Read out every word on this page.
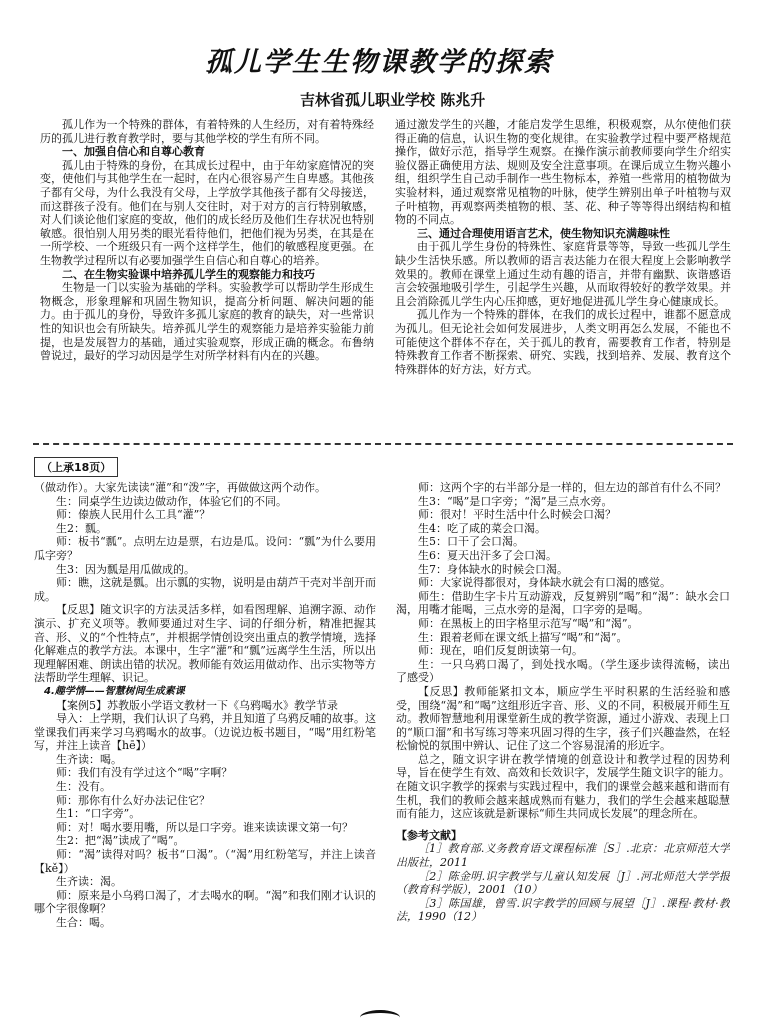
孤儿学生生物课教学的探索
吉林省孤儿职业学校 陈兆升

孤儿作为一个特殊的群体，有着特殊的人生经历，对有着特殊经历的孤儿进行教育教学时，要与其他学校的学生有所不同。

一、加强自信心和自尊心教育

孤儿由于特殊的身份，在其成长过程中，由于年幼家庭情况的突变，使他们与其他学生在一起时，在内心很容易产生自卑感。其他孩子都有父母，为什么我没有父母，上学放学其他孩子都有父母接送，而这群孩子没有。他们在与别人交往时，对于对方的言行特别敏感，对人们谈论他们家庭的变故，他们的成长经历及他们生存状况也特别敏感。很怕别人用另类的眼光看待他们，把他们视为另类，在其是在一所学校、一个班级只有一两个这样学生，他们的敏感程度更强。在生物教学过程所以有必要加强学生自信心和自尊心的培养。

二、在生物实验课中培养孤儿学生的观察能力和技巧

生物是一门以实验为基础的学科。实验教学可以帮助学生形成生物概念，形象理解和巩固生物知识，提高分析问题、解决问题的能力。由于孤儿的身份，导致许多孤儿家庭的教育的缺失，对一些常识性的知识也会有所缺失。培养孤儿学生的观察能力是培养实验能力前提，也是发展智力的基础，通过实验观察，形成正确的概念。布鲁纳曾说过，最好的学习动因是学生对所学材料有内在的兴趣。

通过激发学生的兴趣，才能启发学生思维，积极观察，从尔使他们获得正确的信息，认识生物的变化规律。在实验教学过程中要严格规范操作，做好示范，指导学生观察。在操作演示前教师要向学生介绍实验仪器正确使用方法、规则及安全注意事项。在课后成立生物兴趣小组，组织学生自己动手制作一些生物标本，养殖一些常用的植物做为实验材料，通过观察常见植物的叶脉，使学生辨别出单子叶植物与双子叶植物，再观察两类植物的根、茎、花、种子等等得出纲结构和植物的不同点。

三、通过合理使用语言艺术，使生物知识充满趣味性

由于孤儿学生身份的特殊性、家庭背景等等，导致一些孤儿学生缺少生活快乐感。所以教师的语言表达能力在很大程度上会影响教学效果的。教师在课堂上通过生动有趣的语言，并带有幽默、诙谐感语言会较强地吸引学生，引起学生兴趣，从而取得较好的教学效果。并且会消除孤儿学生内心压抑感，更好地促进孤儿学生身心健康成长。

孤儿作为一个特殊的群体，在我们的成长过程中，谁都不愿意成为孤儿。但无论社会如何发展进步，人类文明再怎么发展，不能也不可能使这个群体不存在，关于孤儿的教育，需要教育工作者，特别是特殊教育工作者不断探索、研究、实践，找到培养、发展、教育这个特殊群体的好方法，好方式。

（上承18页）

（做动作）。大家先读读“灌”和“泼”字，再做做这两个动作。

生：同桌学生边读边做动作，体验它们的不同。

师：傣族人民用什么工具“灌”？

生2：瓢。

师：板书“瓢”。点明左边是票，右边是瓜。设问：“瓢”为什么要用瓜字旁？

生3：因为瓢是用瓜做成的。

师：瞧，这就是瓢。出示瓢的实物，说明是由葫芦干壳对半剖开而成。

【反思】随文识字的方法灵活多样，如看图理解、追溯字源、动作演示、扩充义项等。教师要通过对生字、词的仔细分析，精准把握其音、形、义的“个性特点”，并根据学情创设突出重点的教学情境，选择化解难点的教学方法。本课中，生字“灌”和“瓢”远离学生生活，所以出现理解困难、朗读出错的状况。教师能有效运用做动作、出示实物等方法帮助学生理解、识记。

4.趣学情——智慧树间生成素课

【案例5】苏教版小学语文教材一下《乌鸦喝水》教学节录

导入：上学期，我们认识了乌鸦，并且知道了乌鸦反哺的故事。这堂课我们再来学习乌鸦喝水的故事。（边说边板书题目，“喝”用红粉笔写，并注上读音【hē】）

生齐读：喝。

师：我们有没有学过这个“喝”字啊？

生：没有。

师：那你有什么好办法记住它？

生1：“口字旁”。

师：对！喝水要用嘴，所以是口字旁。谁来读读课文第一句？

生2：把“渴”读成了“喝”。

师：“渴”读得对吗？板书“口渴”。（“渴”用红粉笔写，并注上读音【kě】）

生齐读：渴。

师：原来是小乌鸦口渴了，才去喝水的啊。“渴”和我们刚才认识的哪个字很像啊？

生合：喝。

师：这两个字的右半部分是一样的，但左边的部首有什么不同？

生3：“喝”是口字旁；“渴”是三点水旁。

师：很对！平时生活中什么时候会口渴？

生4：吃了咸的菜会口渴。

生5：口干了会口渴。

生6：夏天出汗多了会口渴。

生7：身体缺水的时候会口渴。

师：大家说得都很对，身体缺水就会有口渴的感觉。

师生：借助生字卡片互动游戏，反复辨别“喝”和“渴”：缺水会口渴，用嘴才能喝，三点水旁的是渴，口字旁的是喝。

师：在黑板上的田字格里示范写“喝”和“渴”。

生：跟着老师在课文纸上描写“喝”和“渴”。

师：现在，咱们反复朗读第一句。

生：一只乌鸦口渴了，到处找水喝。（学生逐步读得流畅，读出了感受）

【反思】教师能紧扣文本，顺应学生平时积累的生活经验和感受，围绕“渴”和“喝”这组形近字音、形、义的不同，积极展开师生互动。教师智慧地利用课堂新生成的教学资源，通过小游戏、表现上口的“顺口溜”和书写练习等来巩固习得的生字，孩子们兴趣盎然，在轻松愉悦的氛围中辨认、记住了这二个容易混淆的形近字。

总之，随文识字讲在教学情境的创意设计和教学过程的因势利导，旨在使学生有效、高效和长效识字，发展学生随文识字的能力。在随文识字教学的探索与实践过程中，我们的课堂会越来越和谐而有生机，我们的教师会越来越成熟而有魅力，我们的学生会越来越聪慧而有能力，这应该就是新课标“师生共同成长发展”的理念所在。

【参考文献】

［1］教育部.义务教育语文课程标准［S］.北京：北京师范大学出版社，2011

［2］陈金明.识字教学与儿童认知发展［J］.河北师范大学学报（教育科学版），2001（10）

［3］陈国雄，曾雪.识字教学的回顾与展望［J］.课程·教材·教法，1990（12）
